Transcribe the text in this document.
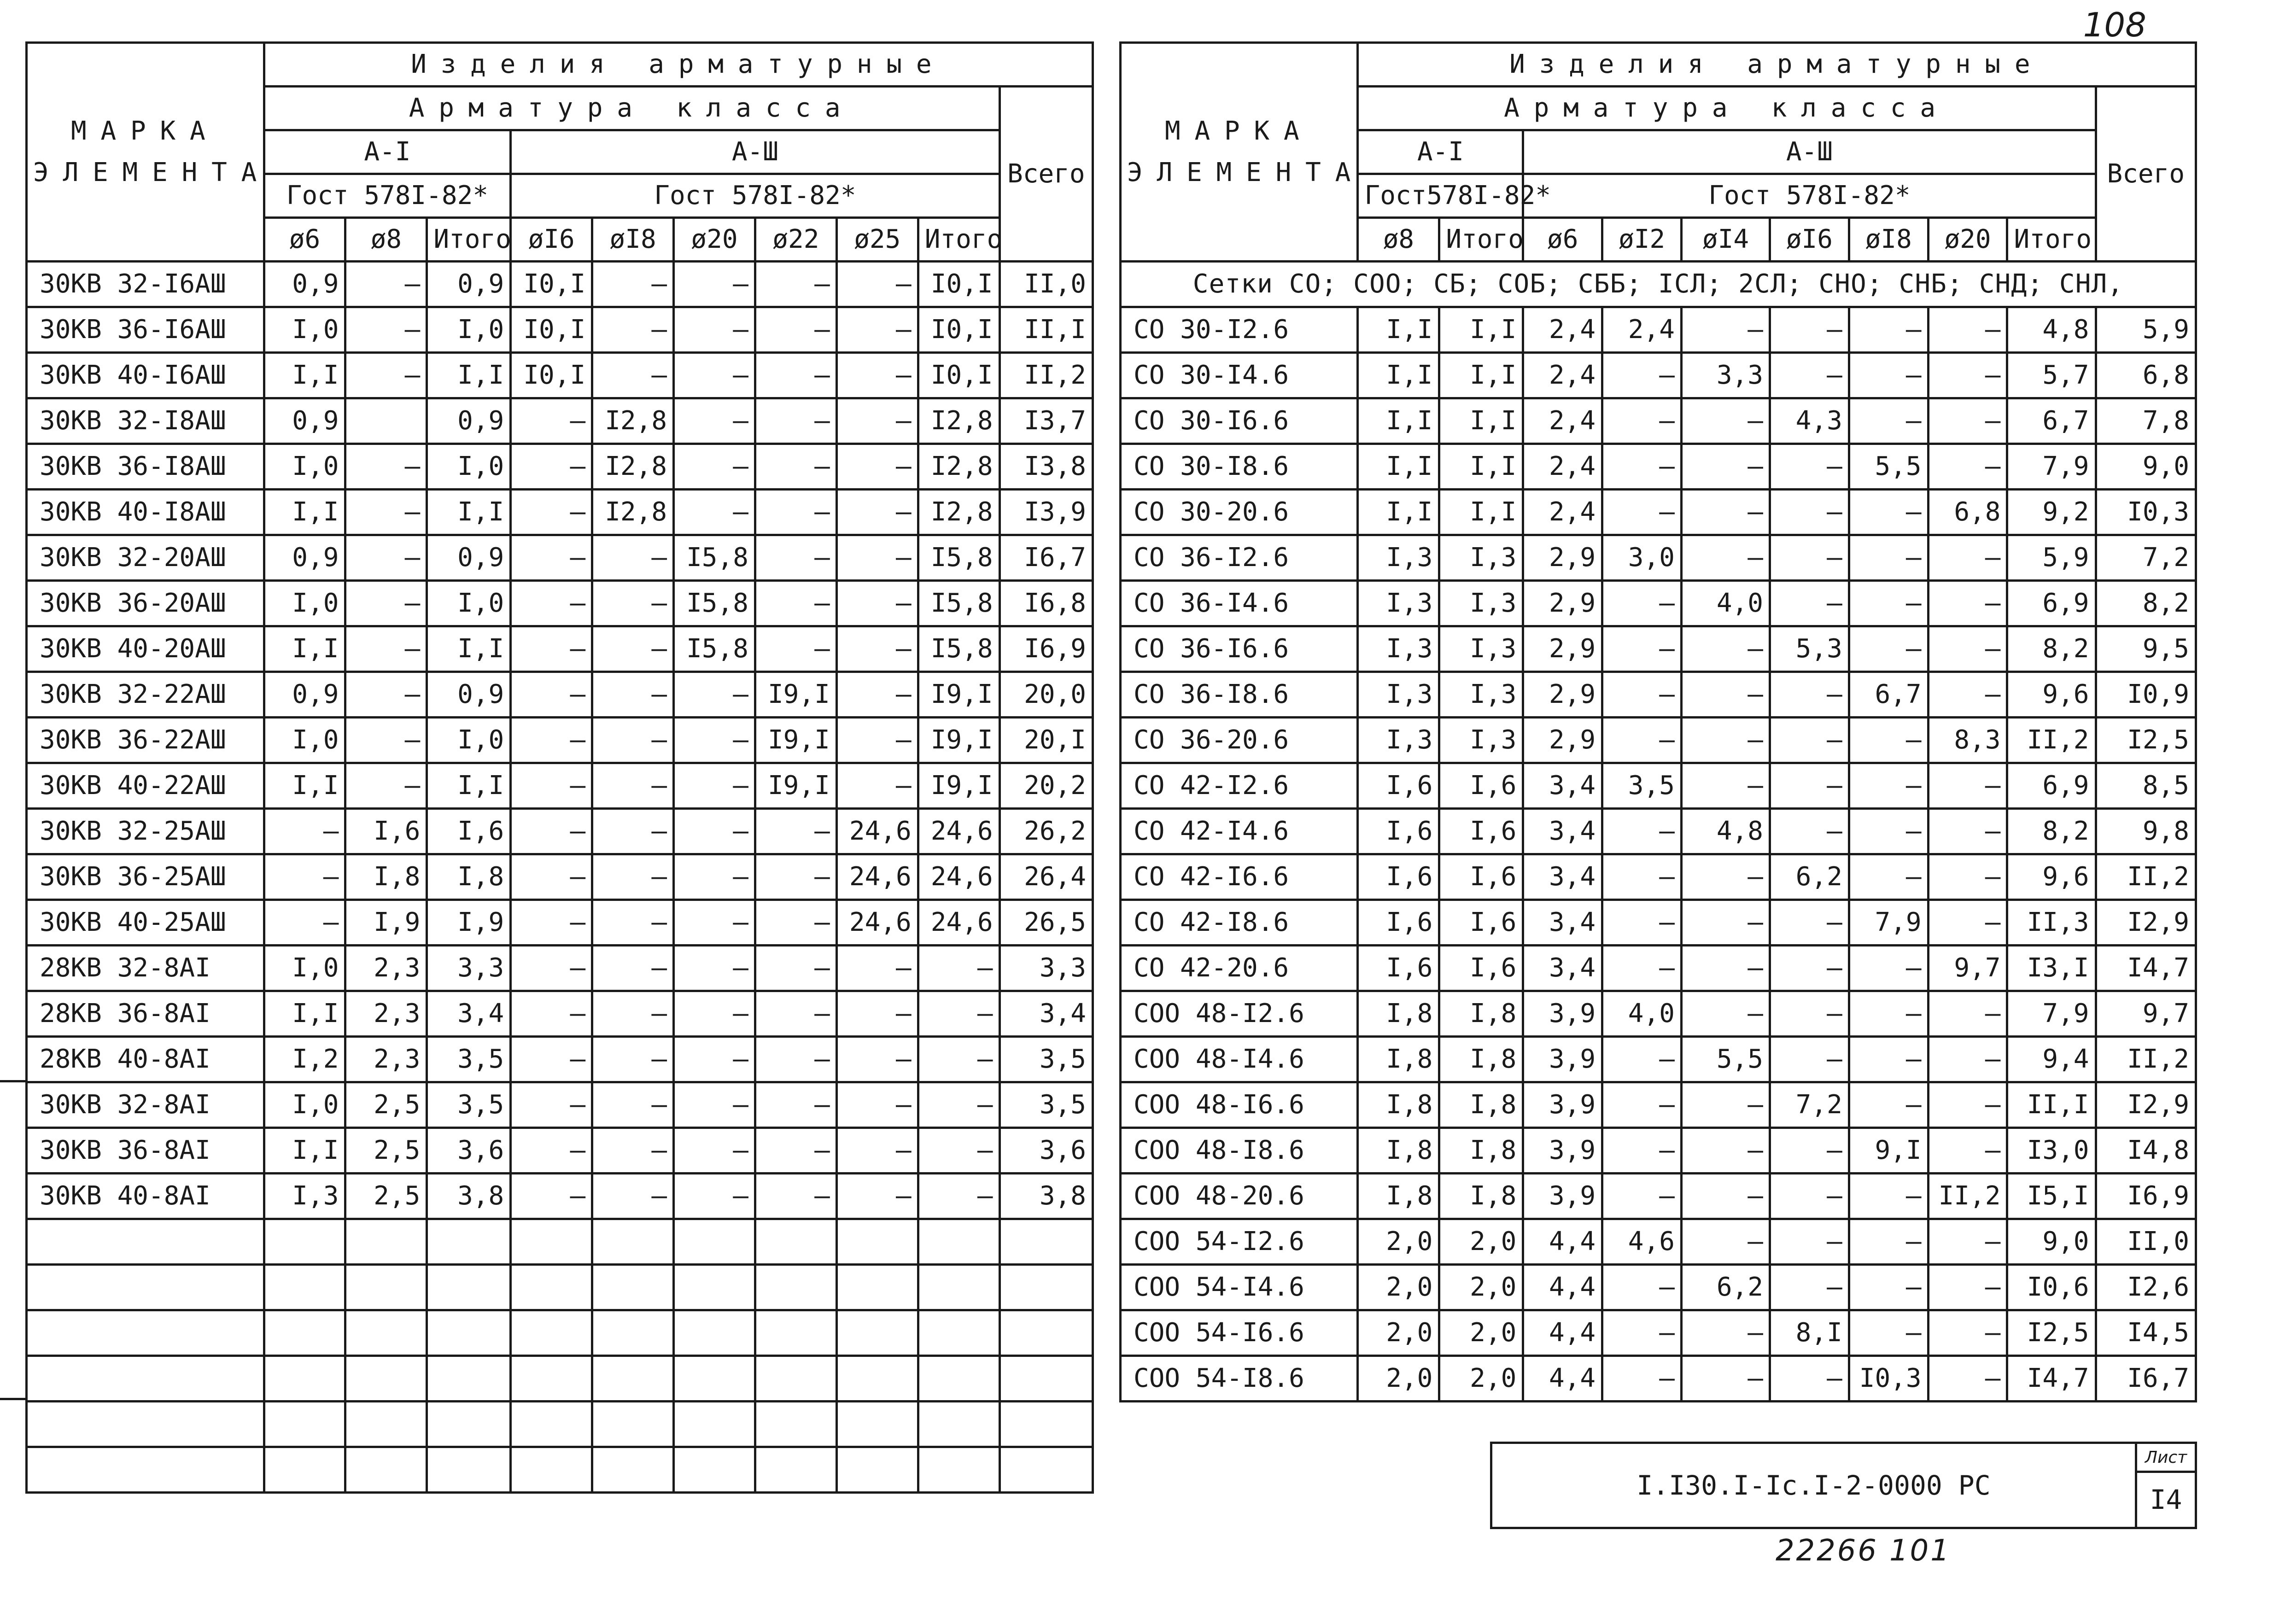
108
МАРКА ЭЛЕМЕНТА	Изделия арматурные									
	Арматура класса									Всего
	А-I			А-Ш						
	Гост 578I-82*			Гост 578I-82*						
	ø6	ø8	Итого	øI6	øI8	ø20	ø22	ø25	Итого	
30КВ 32-I6АШ	0,9	–	0,9	I0,I	–	–	–	–	I0,I	II,0
30КВ 36-I6АШ	I,0	–	I,0	I0,I	–	–	–	–	I0,I	II,I
30КВ 40-I6АШ	I,I	–	I,I	I0,I	–	–	–	–	I0,I	II,2
30КВ 32-I8АШ	0,9		0,9	–	I2,8	–	–	–	I2,8	I3,7
30КВ 36-I8АШ	I,0	–	I,0	–	I2,8	–	–	–	I2,8	I3,8
30КВ 40-I8АШ	I,I	–	I,I	–	I2,8	–	–	–	I2,8	I3,9
30КВ 32-20АШ	0,9	–	0,9	–	–	I5,8	–	–	I5,8	I6,7
30КВ 36-20АШ	I,0	–	I,0	–	–	I5,8	–	–	I5,8	I6,8
30КВ 40-20АШ	I,I	–	I,I	–	–	I5,8	–	–	I5,8	I6,9
30КВ 32-22АШ	0,9	–	0,9	–	–	–	I9,I	–	I9,I	20,0
30КВ 36-22АШ	I,0	–	I,0	–	–	–	I9,I	–	I9,I	20,I
30КВ 40-22АШ	I,I	–	I,I	–	–	–	I9,I	–	I9,I	20,2
30КВ 32-25АШ	–	I,6	I,6	–	–	–	–	24,6	24,6	26,2
30КВ 36-25АШ	–	I,8	I,8	–	–	–	–	24,6	24,6	26,4
30КВ 40-25АШ	–	I,9	I,9	–	–	–	–	24,6	24,6	26,5
28КВ 32-8АI	I,0	2,3	3,3	–	–	–	–	–	–	3,3
28КВ 36-8АI	I,I	2,3	3,4	–	–	–	–	–	–	3,4
28КВ 40-8АI	I,2	2,3	3,5	–	–	–	–	–	–	3,5
30КВ 32-8АI	I,0	2,5	3,5	–	–	–	–	–	–	3,5
30КВ 36-8АI	I,I	2,5	3,6	–	–	–	–	–	–	3,6
30КВ 40-8АI	I,3	2,5	3,8	–	–	–	–	–	–	3,8

МАРКА ЭЛЕМЕНТА	Изделия арматурные									
	Арматура класса									Всего
	А-I		А-Ш							
	Гост578I-82*		Гост 578I-82*							
	ø8	Итого	ø6	øI2	øI4	øI6	øI8	ø20	Итого	
Сетки СО; СОО; СБ; СОБ; СББ; IСЛ; 2СЛ; СНО; СНБ; СНД; СНЛ,										
СО 30-I2.6	I,I	I,I	2,4	2,4	–	–	–	–	4,8	5,9
СО 30-I4.6	I,I	I,I	2,4	–	3,3	–	–	–	5,7	6,8
СО 30-I6.6	I,I	I,I	2,4	–	–	4,3	–	–	6,7	7,8
СО 30-I8.6	I,I	I,I	2,4	–	–	–	5,5	–	7,9	9,0
СО 30-20.6	I,I	I,I	2,4	–	–	–	–	6,8	9,2	I0,3
СО 36-I2.6	I,3	I,3	2,9	3,0	–	–	–	–	5,9	7,2
СО 36-I4.6	I,3	I,3	2,9	–	4,0	–	–	–	6,9	8,2
СО 36-I6.6	I,3	I,3	2,9	–	–	5,3	–	–	8,2	9,5
СО 36-I8.6	I,3	I,3	2,9	–	–	–	6,7	–	9,6	I0,9
СО 36-20.6	I,3	I,3	2,9	–	–	–	–	8,3	II,2	I2,5
СО 42-I2.6	I,6	I,6	3,4	3,5	–	–	–	–	6,9	8,5
СО 42-I4.6	I,6	I,6	3,4	–	4,8	–	–	–	8,2	9,8
СО 42-I6.6	I,6	I,6	3,4	–	–	6,2	–	–	9,6	II,2
СО 42-I8.6	I,6	I,6	3,4	–	–	–	7,9	–	II,3	I2,9
СО 42-20.6	I,6	I,6	3,4	–	–	–	–	9,7	I3,I	I4,7
СОО 48-I2.6	I,8	I,8	3,9	4,0	–	–	–	–	7,9	9,7
СОО 48-I4.6	I,8	I,8	3,9	–	5,5	–	–	–	9,4	II,2
СОО 48-I6.6	I,8	I,8	3,9	–	–	7,2	–	–	II,I	I2,9
СОО 48-I8.6	I,8	I,8	3,9	–	–	–	9,I	–	I3,0	I4,8
СОО 48-20.6	I,8	I,8	3,9	–	–	–	–	II,2	I5,I	I6,9
СОО 54-I2.6	2,0	2,0	4,4	4,6	–	–	–	–	9,0	II,0
СОО 54-I4.6	2,0	2,0	4,4	–	6,2	–	–	–	I0,6	I2,6
СОО 54-I6.6	2,0	2,0	4,4	–	–	8,I	–	–	I2,5	I4,5
СОО 54-I8.6	2,0	2,0	4,4	–	–	–	I0,3	–	I4,7	I6,7
I.I30.I-Iс.I-2-0000 РС
Лист
I4
22266 101
